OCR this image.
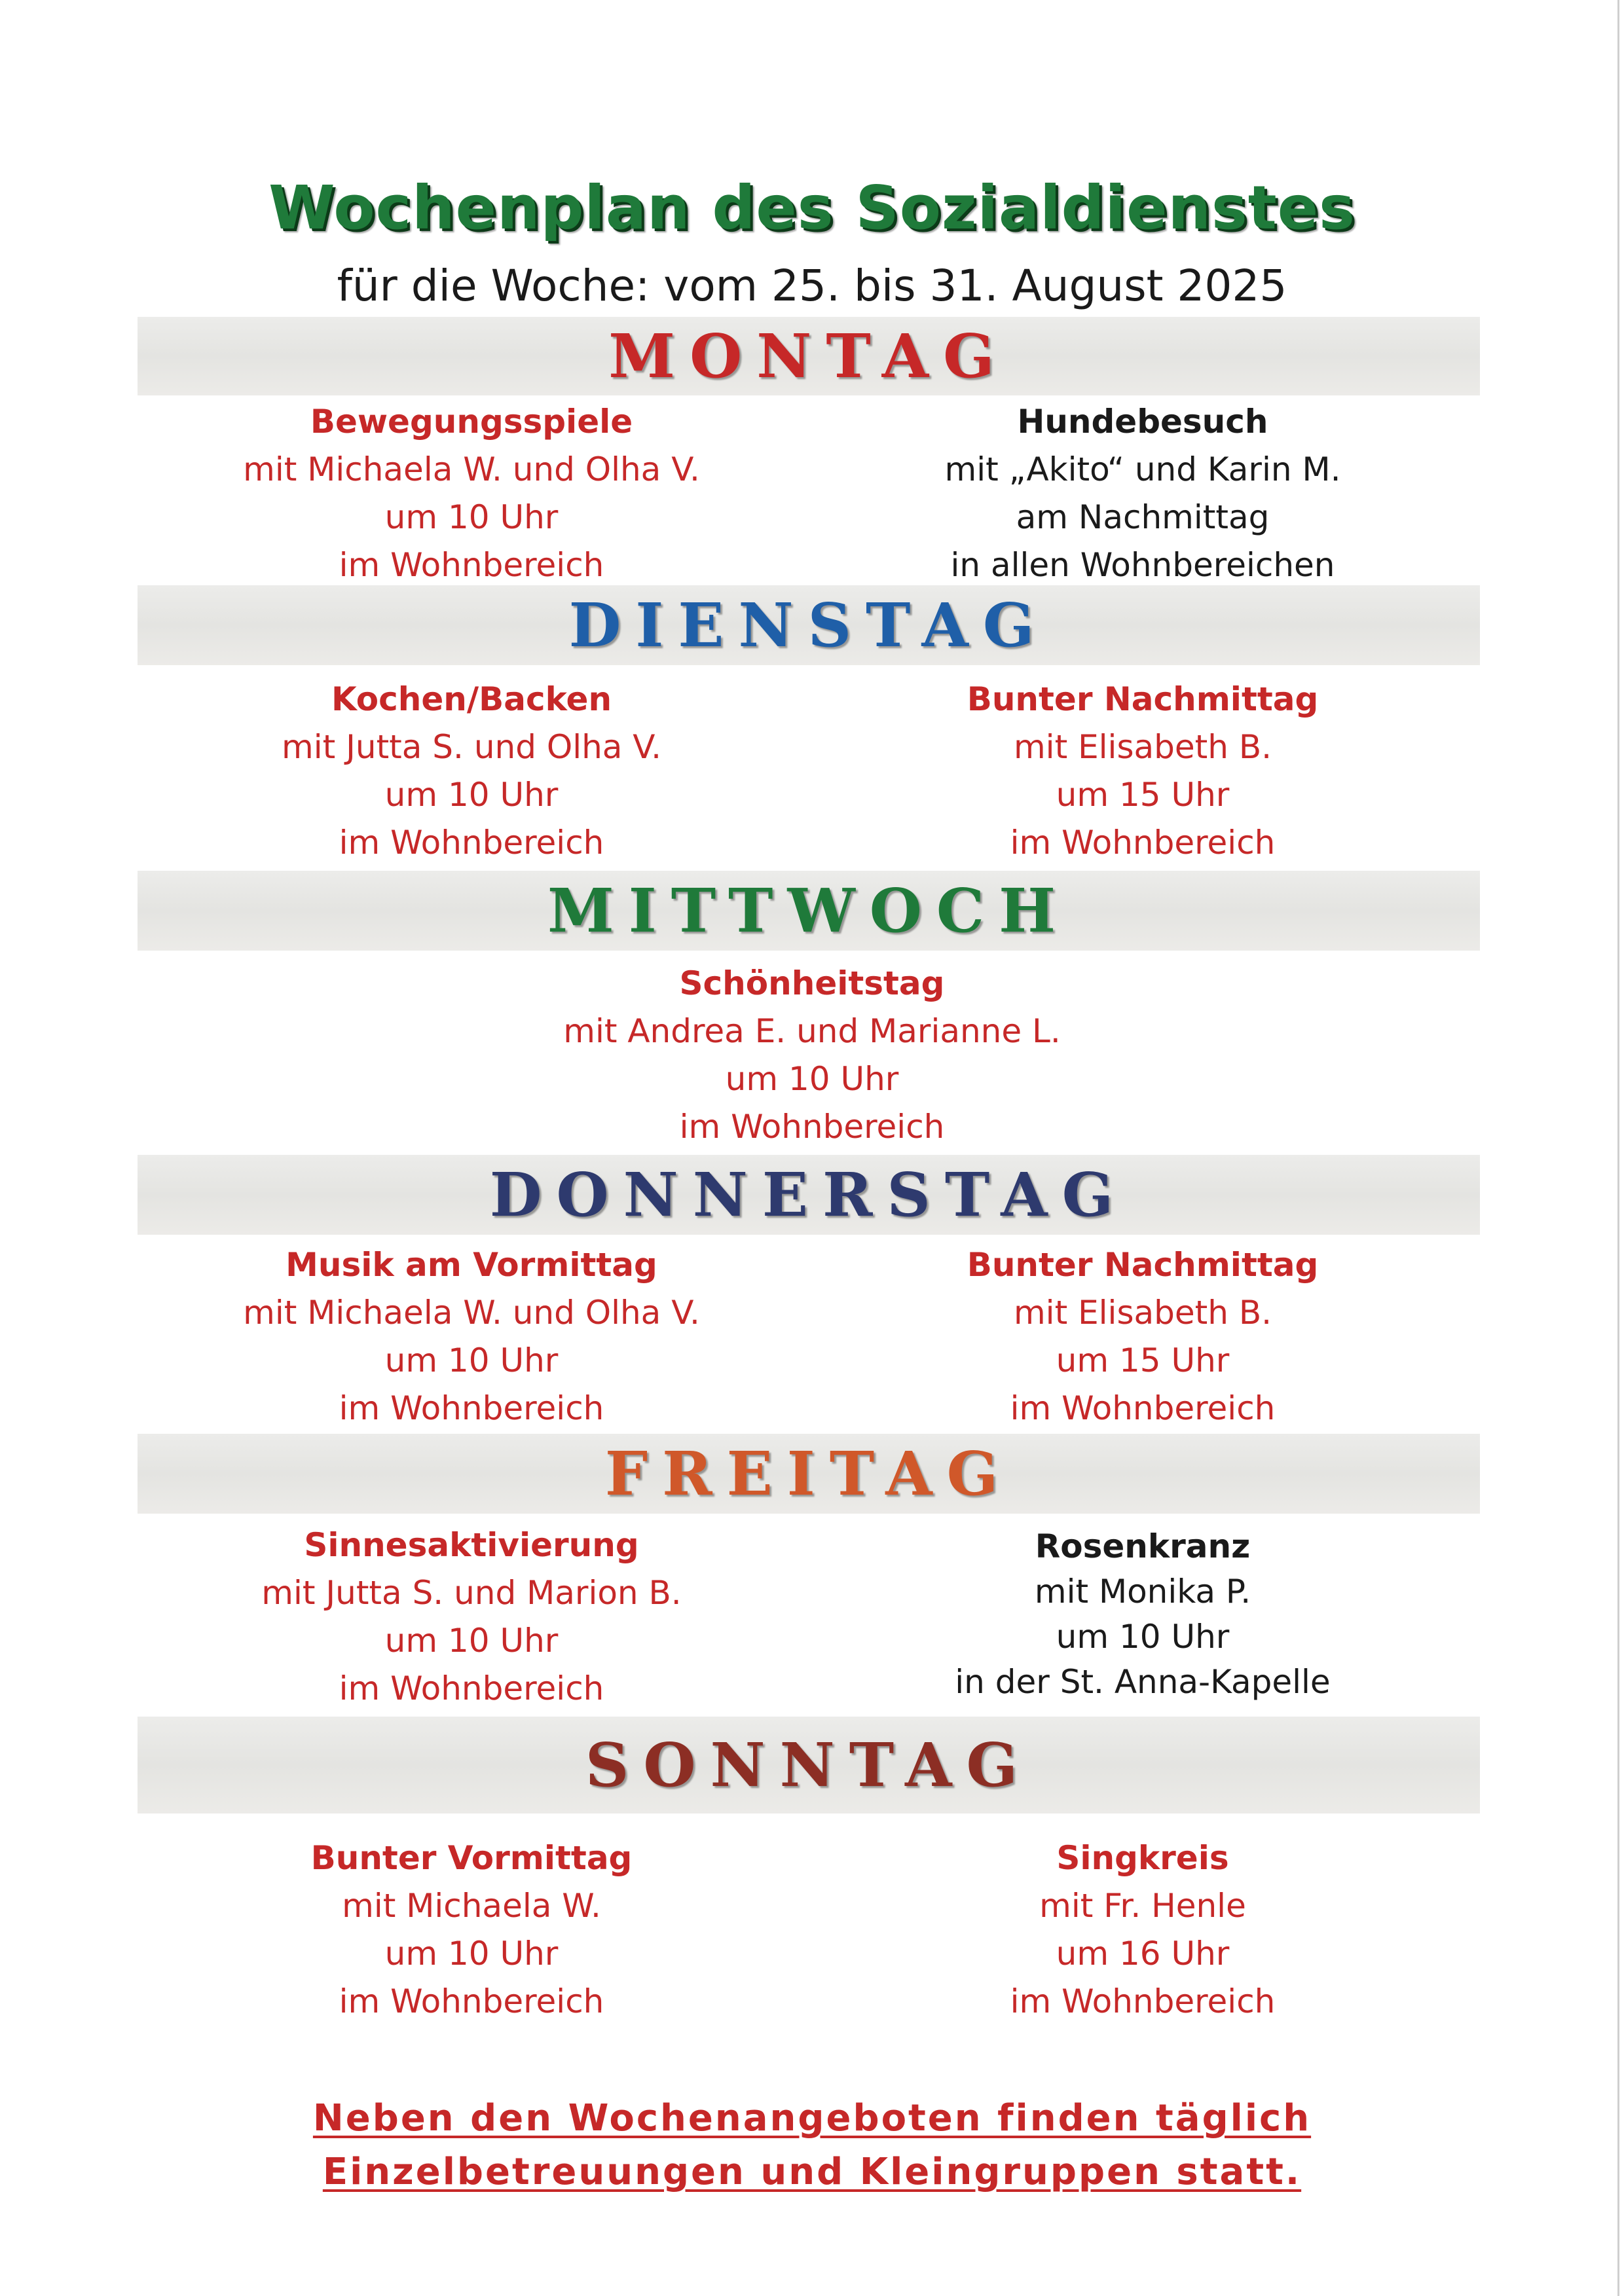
Wochenplan des Sozialdienstes
für die Woche: vom 25. bis 31. August 2025
MONTAG
Bewegungsspiele
mit Michaela W. und Olha V.
um 10 Uhr
im Wohnbereich
Hundebesuch
mit „Akito“ und Karin M.
am Nachmittag
in allen Wohnbereichen
DIENSTAG
Kochen/Backen
mit Jutta S. und Olha V.
um 10 Uhr
im Wohnbereich
Bunter Nachmittag
mit Elisabeth B.
um 15 Uhr
im Wohnbereich
MITTWOCH
Schönheitstag
mit Andrea E. und Marianne L.
um 10 Uhr
im Wohnbereich
DONNERSTAG
Musik am Vormittag
mit Michaela W. und Olha V.
um 10 Uhr
im Wohnbereich
Bunter Nachmittag
mit Elisabeth B.
um 15 Uhr
im Wohnbereich
FREITAG
Sinnesaktivierung
mit Jutta S. und Marion B.
um 10 Uhr
im Wohnbereich
Rosenkranz
mit Monika P.
um 10 Uhr
in der St. Anna-Kapelle
SONNTAG
Bunter Vormittag
mit Michaela W.
um 10 Uhr
im Wohnbereich
Singkreis
mit Fr. Henle
um 16 Uhr
im Wohnbereich
Neben den Wochenangeboten finden täglich
Einzelbetreuungen und Kleingruppen statt.
